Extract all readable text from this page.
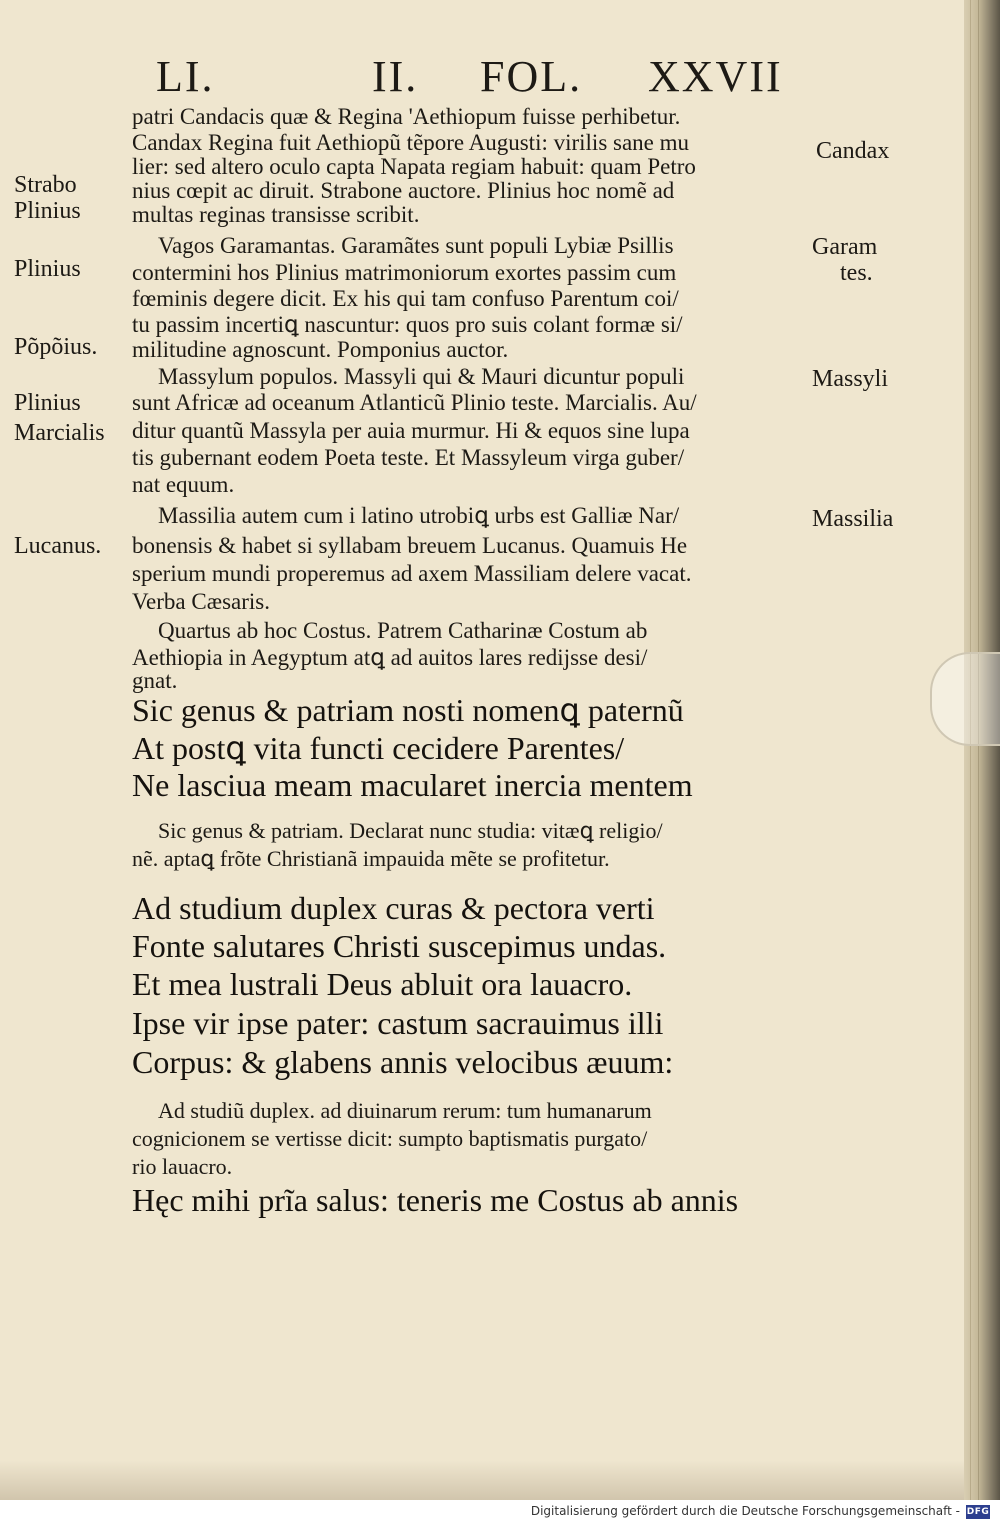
LI.	II. FOL. XXVII
patri Candacis quæ & Regina 'Aethiopum fuisse perhibetur.
Candax Regina fuit Aethiopũ tẽpore Augusti: virilis sane mu
lier: sed altero oculo capta Napata regiam habuit: quam Petro
nius cœpit ac diruit. Strabone auctore. Plinius hoc nomẽ ad
multas reginas transisse scribit.
Vagos Garamantas. Garamãtes sunt populi Lybiæ Psillis
contermini hos Plinius matrimoniorum exortes passim cum
fœminis degere dicit. Ex his qui tam confuso Parentum coi/
tu passim incertiꝗ nascuntur: quos pro suis colant formæ si/
militudine agnoscunt. Pomponius auctor.
Massylum populos. Massyli qui & Mauri dicuntur populi
sunt Africæ ad oceanum Atlanticũ Plinio teste. Marcialis. Au/
ditur quantũ Massyla per auia murmur. Hi & equos sine lupa
tis gubernant eodem Poeta teste. Et Massyleum virga guber/
nat equum.
Massilia autem cum i latino utrobiꝗ urbs est Galliæ Nar/
bonensis & habet si syllabam breuem Lucanus. Quamuis He
sperium mundi properemus ad axem Massiliam delere vacat.
Verba Cæsaris.
Quartus ab hoc Costus. Patrem Catharinæ Costum ab
Aethiopia in Aegyptum atꝗ ad auitos lares redijsse desi/
gnat.
Sic genus & patriam nosti nomenꝗ paternũ
At postꝗ vita functi cecidere Parentes/
Ne lasciua meam macularet inercia mentem
Sic genus & patriam. Declarat nunc studia: vitæꝗ religio/
nẽ. aptaꝗ frõte Christianã impauida mẽte se profitetur.
Ad studium duplex curas & pectora verti
Fonte salutares Christi suscepimus undas.
Et mea lustrali Deus abluit ora lauacro.
Ipse vir ipse pater: castum sacrauimus illi
Corpus: & glabens annis velocibus æuum:
Ad studiũ duplex. ad diuinarum rerum: tum humanarum
cognicionem se vertisse dicit: sumpto baptismatis purgato/
rio lauacro.
Hęc mihi prĩa salus: teneris me Costus ab annis
Strabo
Plinius
Plinius
Põpõius.
Plinius
Marcialis
Lucanus.
Candax
Garam
tes.
Massyli
Massilia
Digitalisierung gefördert durch die Deutsche Forschungsgemeinschaft - DFG
